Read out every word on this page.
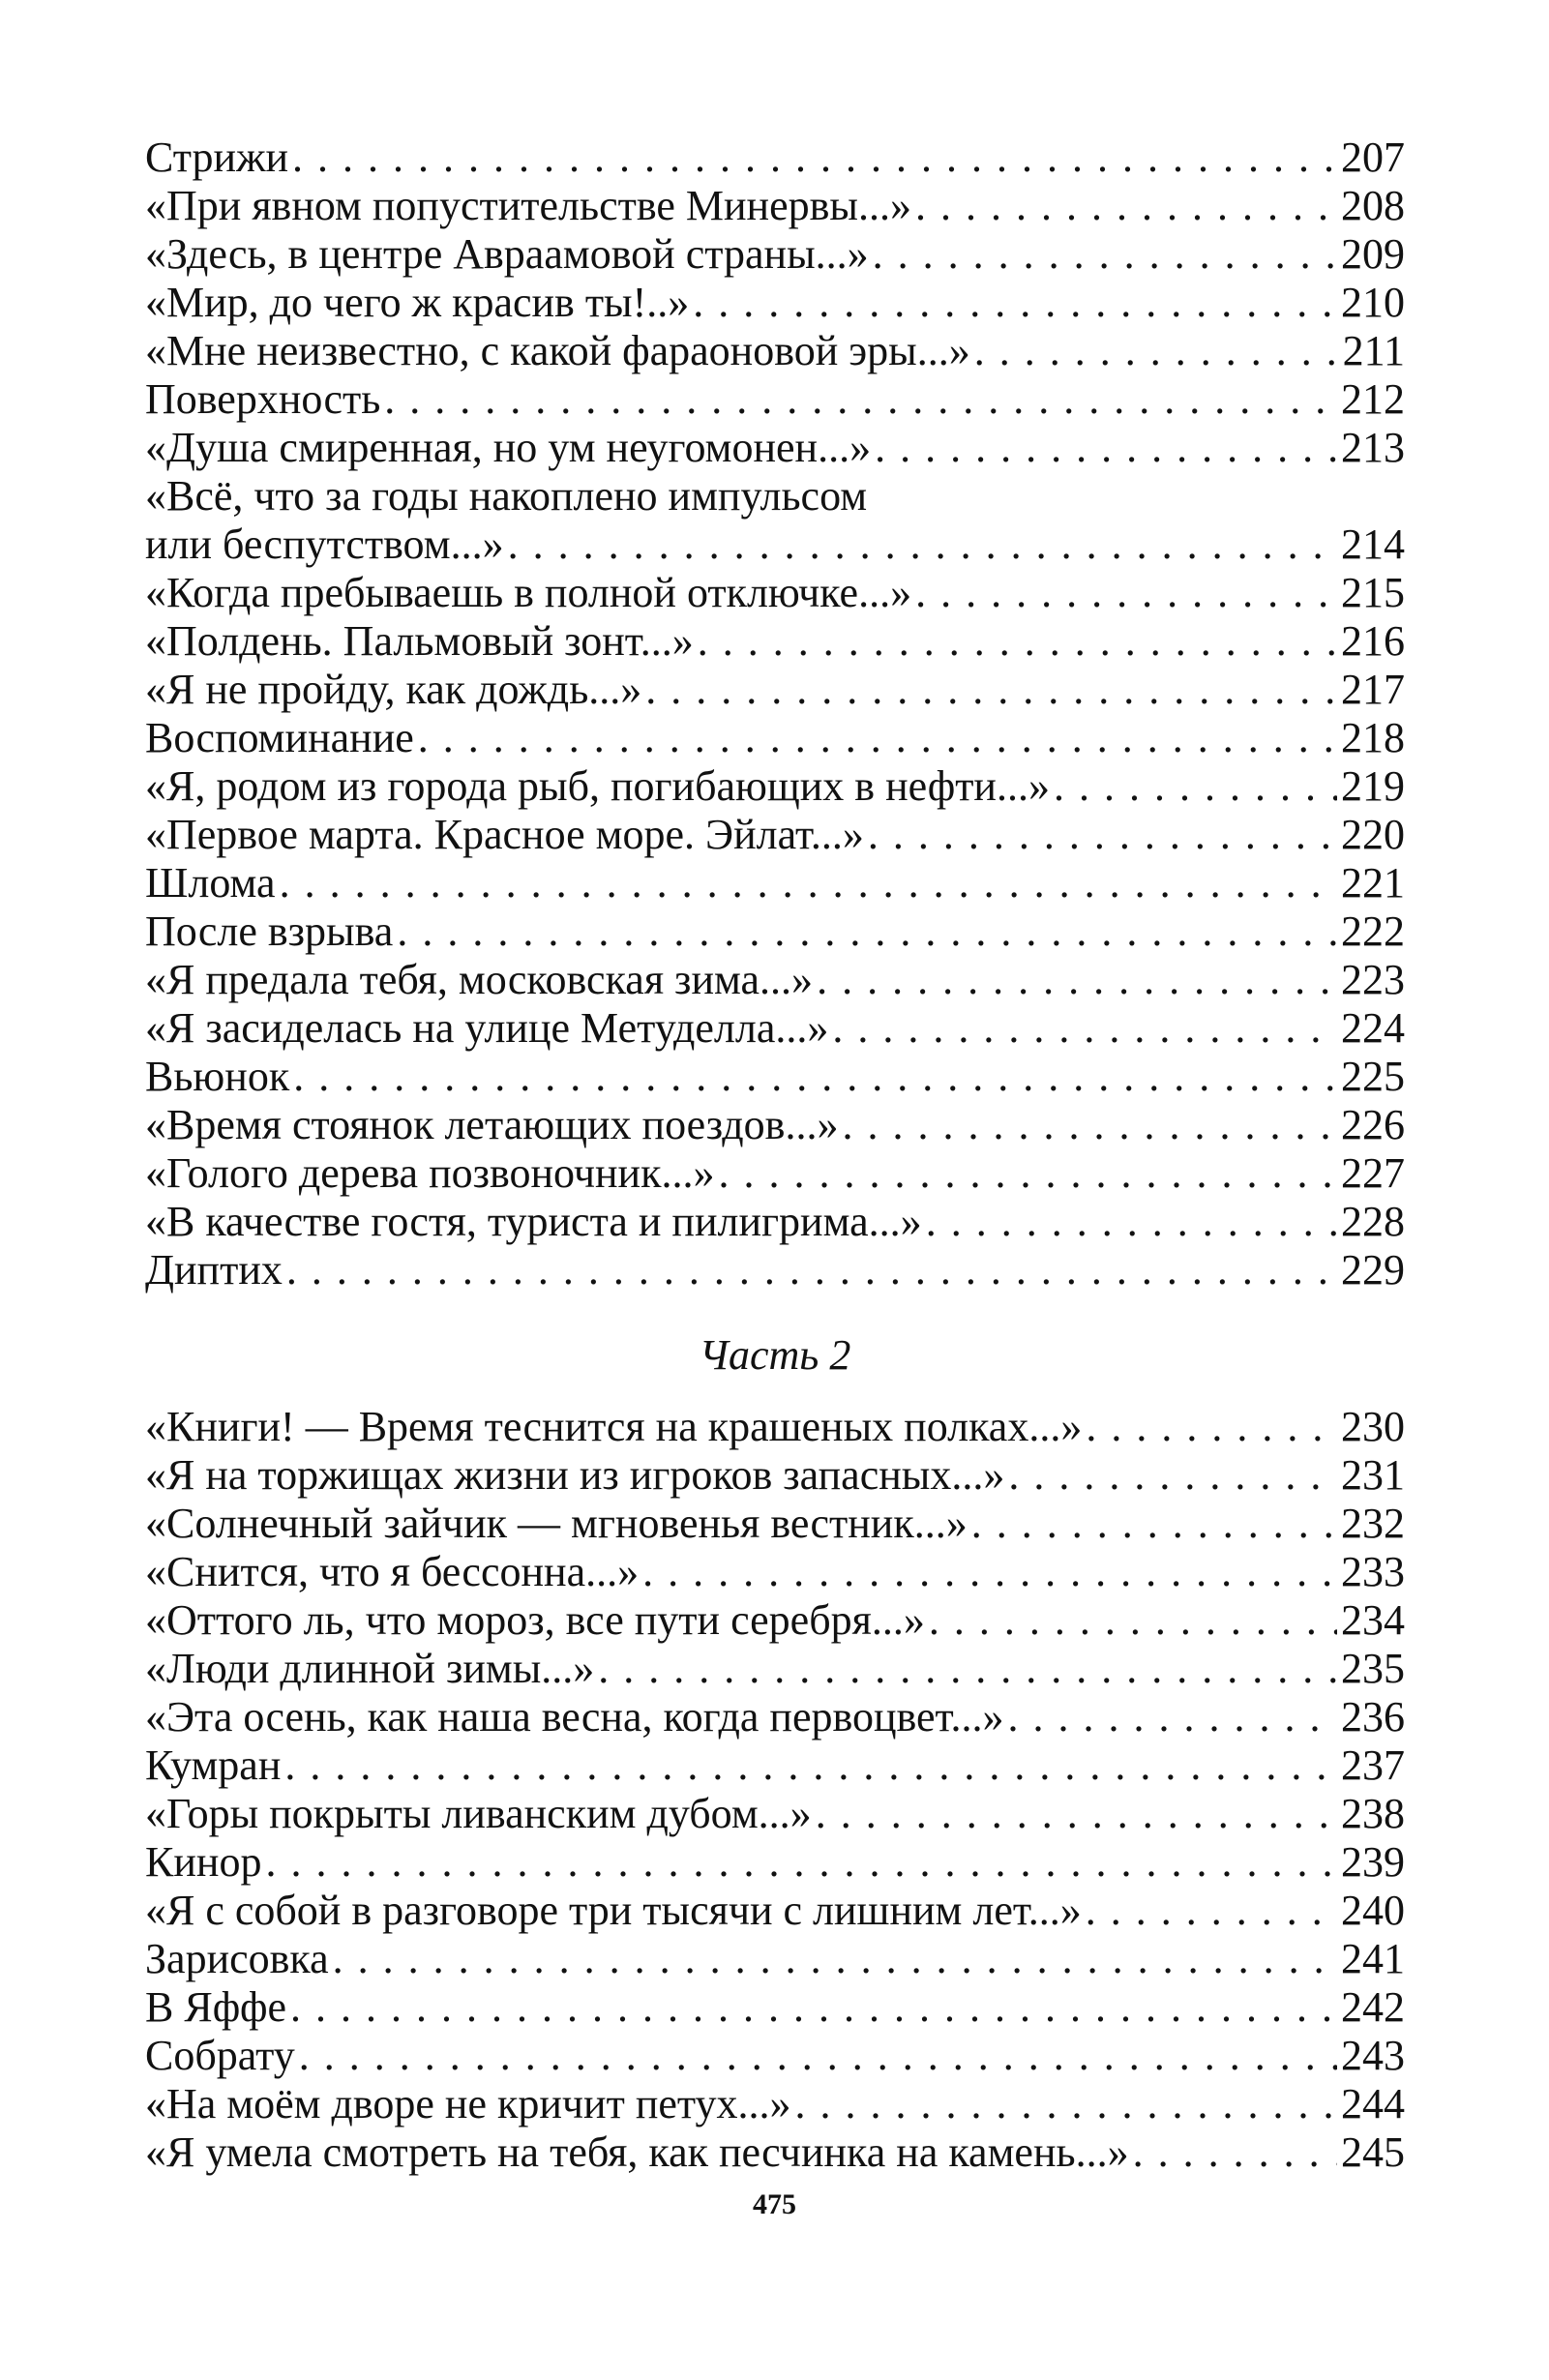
Стрижи . . .	207
«При явном попустительстве Минервы...» . . .	208
«Здесь, в центре Авраамовой страны...» . . .	209
«Мир, до чего ж красив ты!..» . . .	210
«Мне неизвестно, с какой фараоновой эры...» . . .	211
Поверхность . . .	212
«Душа смиренная, но ум неугомонен...» . . .	213
«Всё, что за годы накоплено импульсом
или беспутством...» . . .	214
«Когда пребываешь в полной отключке...» . . .	215
«Полдень. Пальмовый зонт...» . . .	216
«Я не пройду, как дождь...» . . .	217
Воспоминание . . .	218
«Я, родом из города рыб, погибающих в нефти...» . . .	219
«Первое марта. Красное море. Эйлат...» . . .	220
Шлома . . .	221
После взрыва . . .	222
«Я предала тебя, московская зима...» . . .	223
«Я засиделась на улице Метуделла...» . . .	224
Вьюнок . . .	225
«Время стоянок летающих поездов...» . . .	226
«Голого дерева позвоночник...» . . .	227
«В качестве гостя, туриста и пилигрима...» . . .	228
Диптих . . .	229
Часть 2
«Книги! — Время теснится на крашеных полках...» . . .	230
«Я на торжищах жизни из игроков запасных...» . . .	231
«Солнечный зайчик — мгновенья вестник...» . . .	232
«Снится, что я бессонна...» . . .	233
«Оттого ль, что мороз, все пути серебря...» . . .	234
«Люди длинной зимы...» . . .	235
«Эта осень, как наша весна, когда первоцвет...» . . .	236
Кумран . . .	237
«Горы покрыты ливанским дубом...» . . .	238
Кинор . . .	239
«Я с собой в разговоре три тысячи с лишним лет...» . . .	240
Зарисовка . . .	241
В Яффе . . .	242
Собрату . . .	243
«На моём дворе не кричит петух...» . . .	244
«Я умела смотреть на тебя, как песчинка на камень...» . . .	245
475
